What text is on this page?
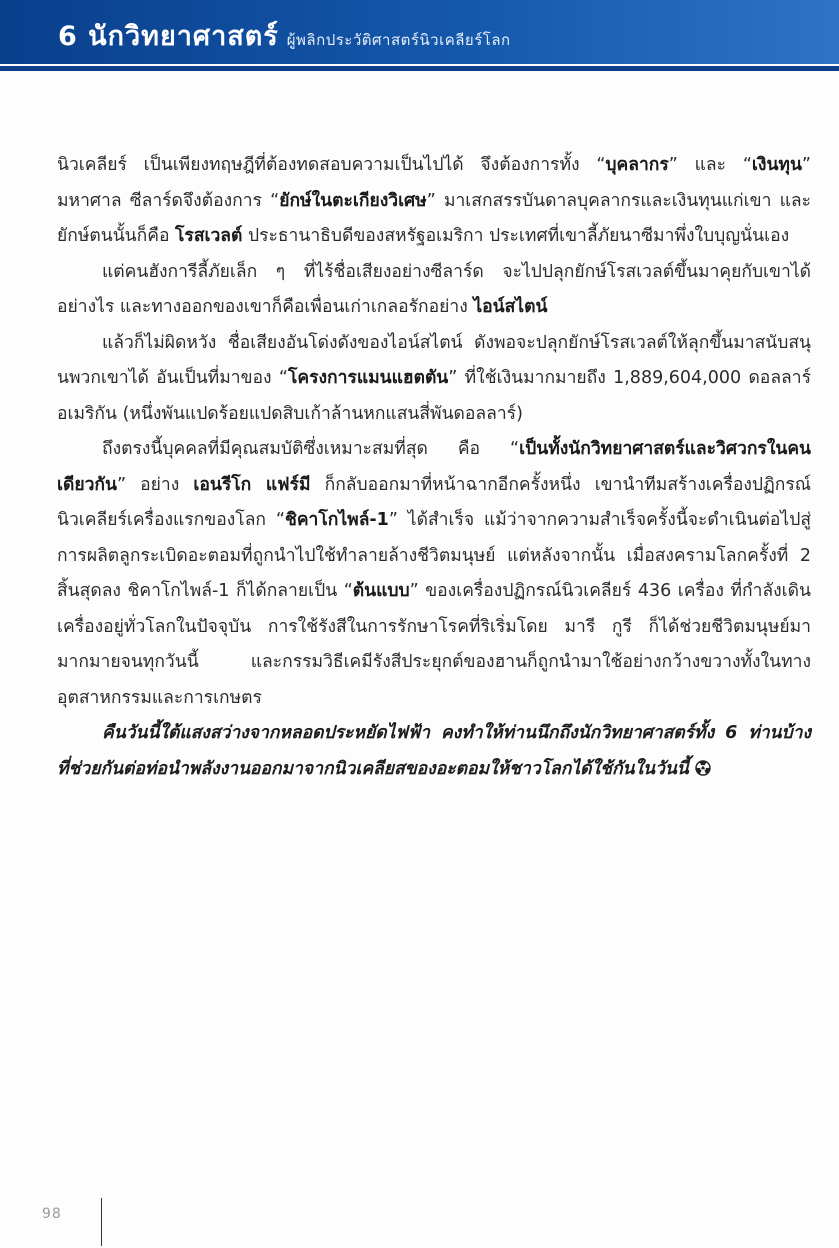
6 นักวิทยาศาสตร์ ผู้พลิกประวัติศาสตร์นิวเคลียร์โลก

นิวเคลียร์ เป็นเพียงทฤษฎีที่ต้องทดสอบความเป็นไปได้ จึงต้องการทั้ง “บุคลากร” และ “เงินทุน” มหาศาล ซีลาร์ดจึงต้องการ “ยักษ์ในตะเกียงวิเศษ” มาเสกสรรบันดาลบุคลากรและเงินทุนแก่เขา และยักษ์ตนนั้นก็คือ โรสเวลต์ ประธานาธิบดีของสหรัฐอเมริกา ประเทศที่เขาลี้ภัยนาซีมาพึ่งใบบุญนั่นเอง

แต่คนฮังการีลี้ภัยเล็ก ๆ ที่ไร้ชื่อเสียงอย่างซีลาร์ด จะไปปลุกยักษ์โรสเวลต์ขึ้นมาคุยกับเขาได้อย่างไร และทางออกของเขาก็คือเพื่อนเก่าเกลอรักอย่าง ไอน์สไตน์

แล้วก็ไม่ผิดหวัง ชื่อเสียงอันโด่งดังของไอน์สไตน์ ดังพอจะปลุกยักษ์โรสเวลต์ให้ลุกขึ้นมาสนับสนุนพวกเขาได้ อันเป็นที่มาของ “โครงการแมนแฮตตัน” ที่ใช้เงินมากมายถึง 1,889,604,000 ดอลลาร์อเมริกัน (หนึ่งพันแปดร้อยแปดสิบเก้าล้านหกแสนสี่พันดอลลาร์)

ถึงตรงนี้บุคคลที่มีคุณสมบัติซึ่งเหมาะสมที่สุด คือ “เป็นทั้งนักวิทยาศาสตร์และวิศวกรในคนเดียวกัน” อย่าง เอนรีโก แฟร์มี ก็กลับออกมาที่หน้าฉากอีกครั้งหนึ่ง เขานำทีมสร้างเครื่องปฏิกรณ์นิวเคลียร์เครื่องแรกของโลก “ชิคาโกไพล์-1” ได้สำเร็จ แม้ว่าจากความสำเร็จครั้งนี้จะดำเนินต่อไปสู่การผลิตลูกระเบิดอะตอมที่ถูกนำไปใช้ทำลายล้างชีวิตมนุษย์ แต่หลังจากนั้น เมื่อสงครามโลกครั้งที่ 2 สิ้นสุดลง ชิคาโกไพล์-1 ก็ได้กลายเป็น “ต้นแบบ” ของเครื่องปฏิกรณ์นิวเคลียร์ 436 เครื่อง ที่กำลังเดินเครื่องอยู่ทั่วโลกในปัจจุบัน การใช้รังสีในการรักษาโรคที่ริเริ่มโดย มารี กูรี ก็ได้ช่วยชีวิตมนุษย์มามากมายจนทุกวันนี้ และกรรมวิธีเคมีรังสีประยุกต์ของฮานก็ถูกนำมาใช้อย่างกว้างขวางทั้งในทางอุตสาหกรรมและการเกษตร

คืนวันนี้ใต้แสงสว่างจากหลอดประหยัดไฟฟ้า คงทำให้ท่านนึกถึงนักวิทยาศาสตร์ทั้ง 6 ท่านบ้าง ที่ช่วยกันต่อท่อนำพลังงานออกมาจากนิวเคลียสของอะตอมให้ชาวโลกได้ใช้กันในวันนี้

98
